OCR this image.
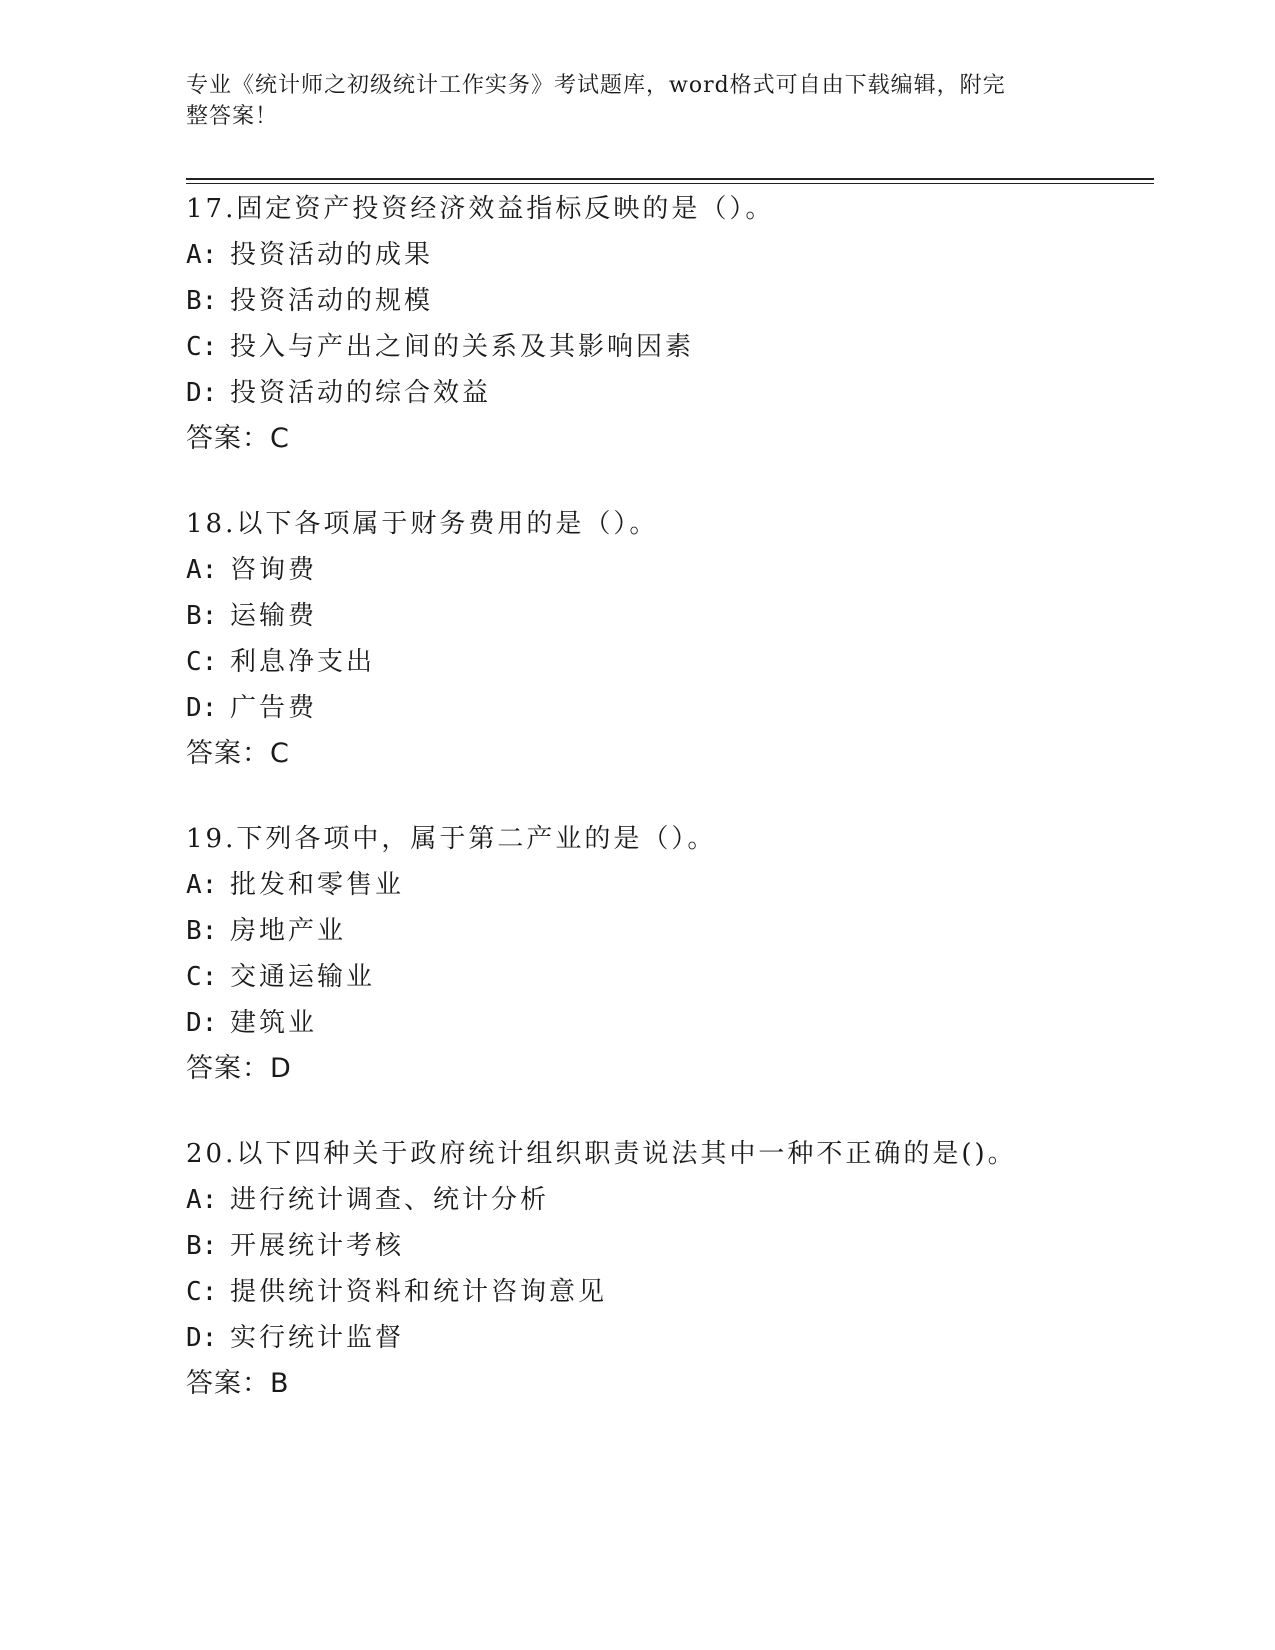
专业《统计师之初级统计工作实务》考试题库，word格式可自由下载编辑，附完
整答案！
17.固定资产投资经济效益指标反映的是（）。
A: 投资活动的成果
B: 投资活动的规模
C: 投入与产出之间的关系及其影响因素
D: 投资活动的综合效益
答案：C
18.以下各项属于财务费用的是（）。
A: 咨询费
B: 运输费
C: 利息净支出
D: 广告费
答案：C
19.下列各项中，属于第二产业的是（）。
A: 批发和零售业
B: 房地产业
C: 交通运输业
D: 建筑业
答案：D
20.以下四种关于政府统计组织职责说法其中一种不正确的是()。
A: 进行统计调查、统计分析
B: 开展统计考核
C: 提供统计资料和统计咨询意见
D: 实行统计监督
答案：B
